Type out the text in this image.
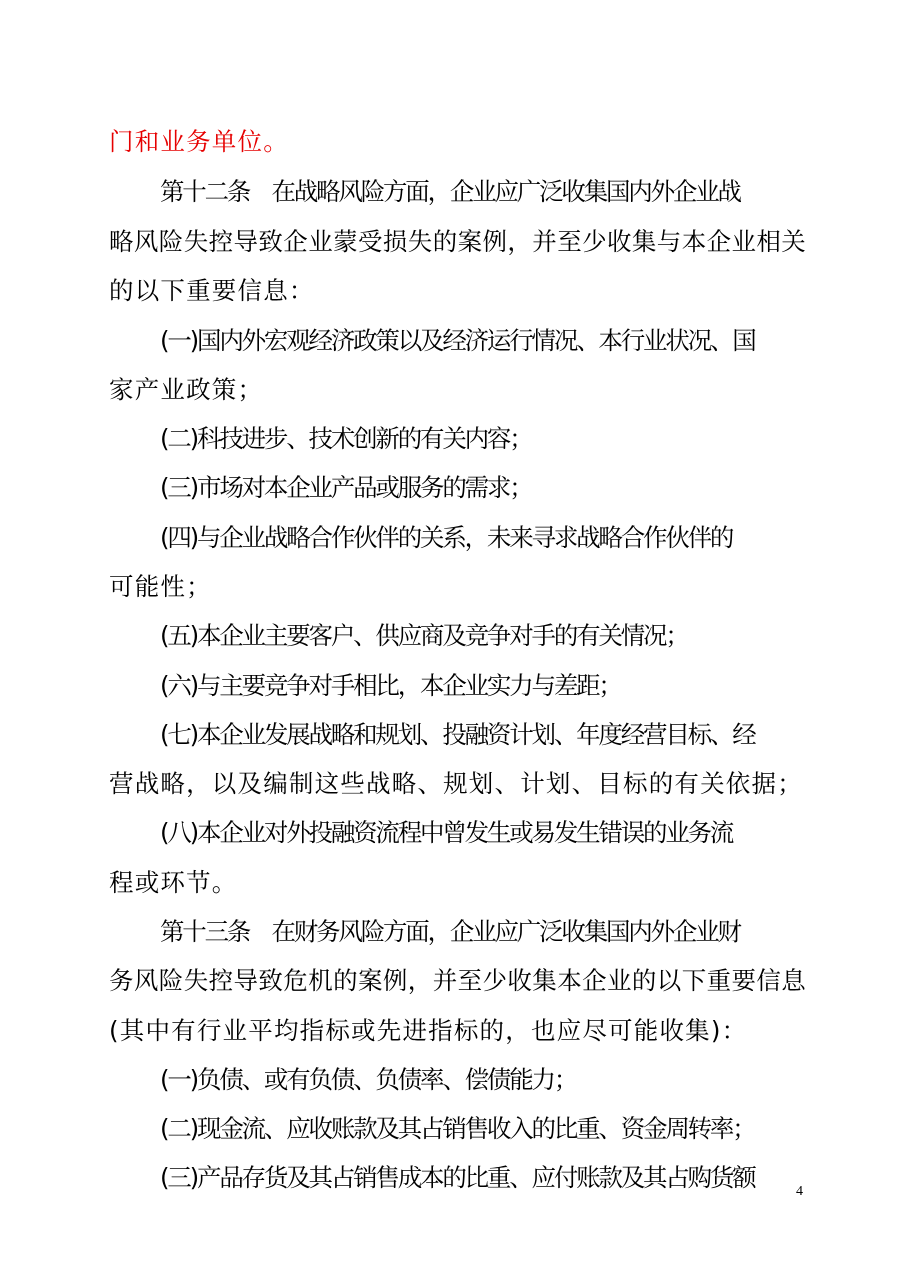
门和业务单位。
第十二条　在战略风险方面，企业应广泛收集国内外企业战
略风险失控导致企业蒙受损失的案例，并至少收集与本企业相关
的以下重要信息：
(一)国内外宏观经济政策以及经济运行情况、本行业状况、国
家产业政策；
(二)科技进步、技术创新的有关内容；
(三)市场对本企业产品或服务的需求；
(四)与企业战略合作伙伴的关系，未来寻求战略合作伙伴的
可能性；
(五)本企业主要客户、供应商及竞争对手的有关情况；
(六)与主要竞争对手相比，本企业实力与差距；
(七)本企业发展战略和规划、投融资计划、年度经营目标、经
营战略，以及编制这些战略、规划、计划、目标的有关依据；
(八)本企业对外投融资流程中曾发生或易发生错误的业务流
程或环节。
第十三条　在财务风险方面，企业应广泛收集国内外企业财
务风险失控导致危机的案例，并至少收集本企业的以下重要信息
(其中有行业平均指标或先进指标的，也应尽可能收集)：
(一)负债、或有负债、负债率、偿债能力；
(二)现金流、应收账款及其占销售收入的比重、资金周转率；
(三)产品存货及其占销售成本的比重、应付账款及其占购货额	4
